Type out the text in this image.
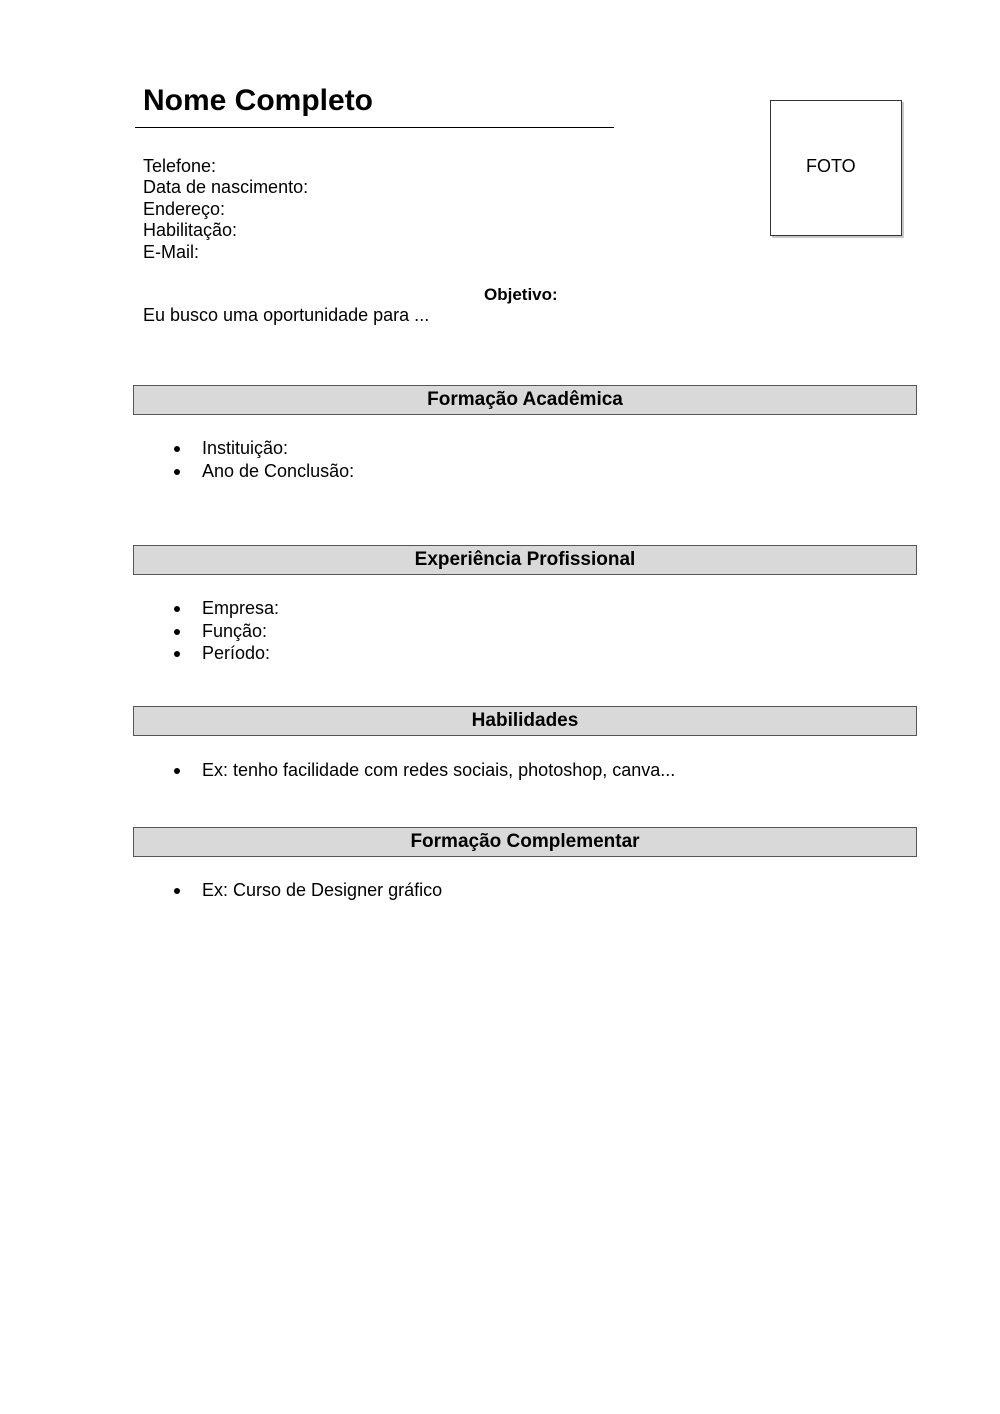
Nome Completo
Telefone:
Data de nascimento:
Endereço:
Habilitação:
E-Mail:
FOTO
Objetivo:
Eu busco uma oportunidade para ...
Formação Acadêmica
Instituição:
Ano de Conclusão:
Experiência Profissional
Empresa:
Função:
Período:
Habilidades
Ex: tenho facilidade com redes sociais, photoshop, canva...
Formação Complementar
Ex: Curso de Designer gráfico
